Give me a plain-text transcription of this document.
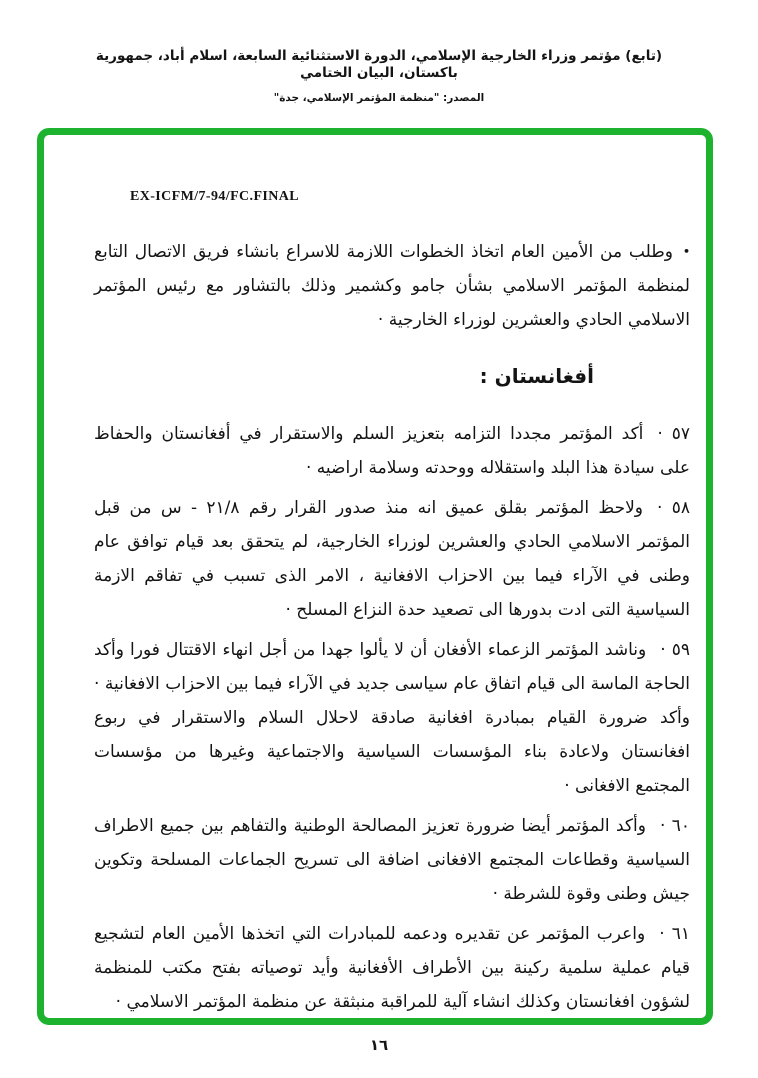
(تابع) مؤتمر وزراء الخارجية الإسلامي، الدورة الاستثنائية السابعة، اسلام أباد، جمهورية باكستان، البيان الختامي
المصدر: "منظمة المؤتمر الإسلامي، جدة"
EX-ICFM/7-94/FC.FINAL

•وطلب من الأمين العام اتخاذ الخطوات اللازمة للاسراع بانشاء فريق الاتصال التابع لمنظمة المؤتمر الاسلامي بشأن جامو وكشمير وذلك بالتشاور مع رئيس المؤتمر الاسلامي الحادي والعشرين لوزراء الخارجية ·

أفغانستان :

٥٧ ·أكد المؤتمر مجددا التزامه بتعزيز السلم والاستقرار في أفغانستان والحفاظ على سيادة هذا البلد واستقلاله ووحدته وسلامة اراضيه ·

٥٨ ·ولاحظ المؤتمر بقلق عميق انه منذ صدور القرار رقم ٢١/٨ - س من قبل المؤتمر الاسلامي الحادي والعشرين لوزراء الخارجية، لم يتحقق بعد قيام توافق عام وطنى في الآراء فيما بين الاحزاب الافغانية ، الامر الذى تسبب في تفاقم الازمة السياسية التى ادت بدورها الى تصعيد حدة النزاع المسلح ·

٥٩ ·وناشد المؤتمر الزعماء الأفغان أن لا يألوا جهدا من أجل انهاء الاقتتال فورا وأكد الحاجة الماسة الى قيام اتفاق عام سياسى جديد في الآراء فيما بين الاحزاب الافغانية · وأكد ضرورة القيام بمبادرة افغانية صادقة لاحلال السلام والاستقرار في ربوع افغانستان ولاعادة بناء المؤسسات السياسية والاجتماعية وغيرها من مؤسسات المجتمع الافغانى ·

٦٠ ·وأكد المؤتمر أيضا ضرورة تعزيز المصالحة الوطنية والتفاهم بين جميع الاطراف السياسية وقطاعات المجتمع الافغانى اضافة الى تسريح الجماعات المسلحة وتكوين جيش وطنى وقوة للشرطة ·

٦١ ·واعرب المؤتمر عن تقديره ودعمه للمبادرات التي اتخذها الأمين العام لتشجيع قيام عملية سلمية ركينة بين الأطراف الأفغانية وأيد توصياته بفتح مكتب للمنظمة لشؤون افغانستان وكذلك انشاء آلية للمراقبة منبثقة عن منظمة المؤتمر الاسلامي ·

١٦
